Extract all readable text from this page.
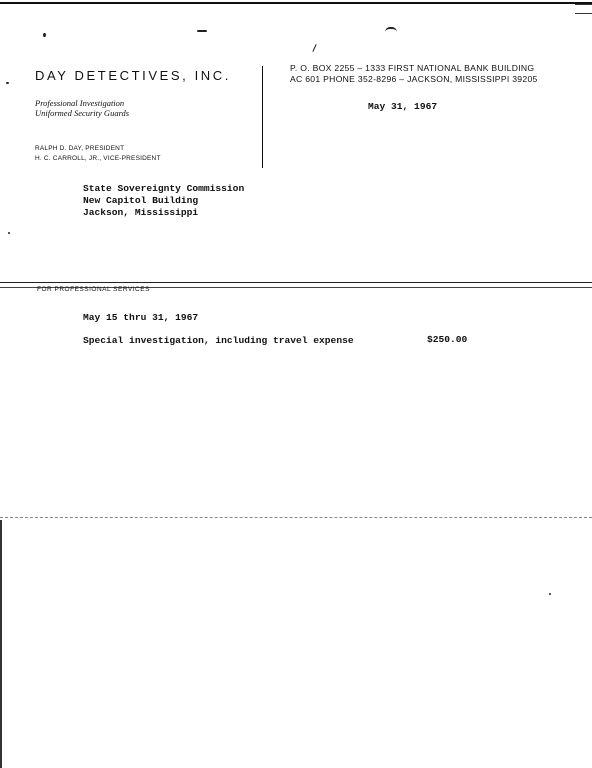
DAY DETECTIVES, INC.
Professional Investigation
Uniformed Security Guards
RALPH D. DAY, PRESIDENT
H. C. CARROLL, JR., VICE-PRESIDENT
P. O. BOX 2255 – 1333 FIRST NATIONAL BANK BUILDING
AC 601 PHONE 352-8296 – JACKSON, MISSISSIPPI 39205
May 31, 1967
State Sovereignty Commission
New Capitol Building
Jackson, Mississippi
FOR PROFESSIONAL SERVICES
May 15 thru 31, 1967
Special investigation, including travel expense	$250.00
